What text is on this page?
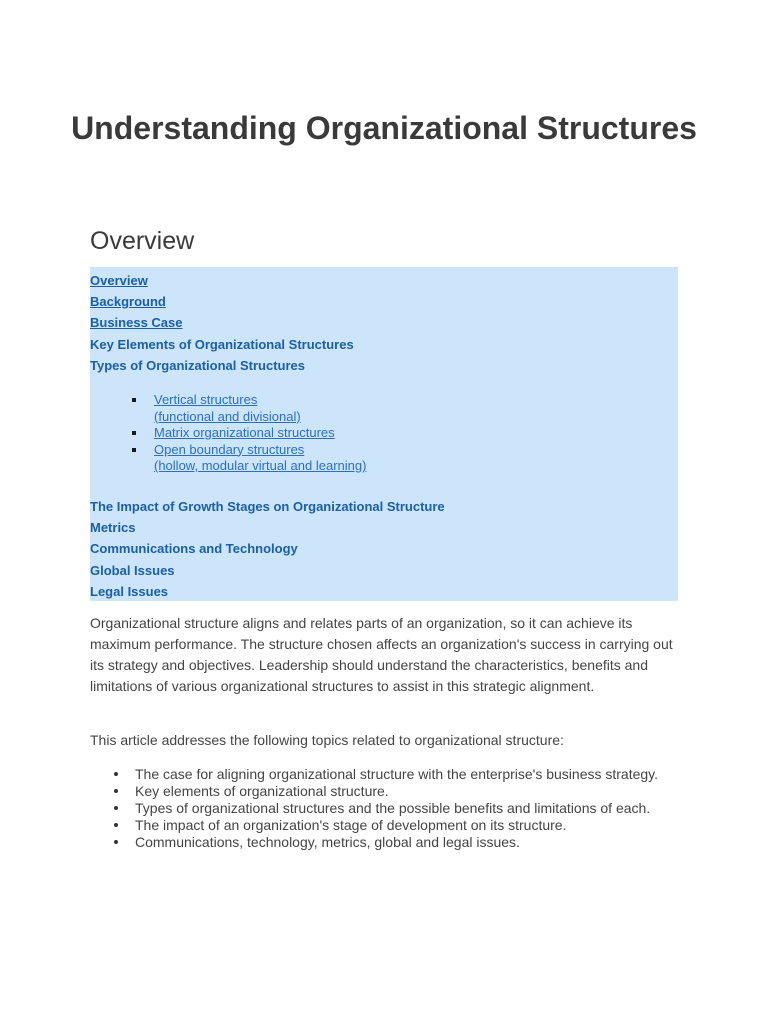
Understanding Organizational Structures
Overview
Overview
Background
Business Case
Key Elements of Organizational Structures
Types of Organizational Structures
Vertical structures
(functional and divisional)
Matrix organizational structures
Open boundary structures
(hollow, modular virtual and learning)
The Impact of Growth Stages on Organizational Structure
Metrics
Communications and Technology
Global Issues
Legal Issues

Organizational structure aligns and relates parts of an organization, so it can achieve its maximum performance. The structure chosen affects an organization's success in carrying out its strategy and objectives. Leadership should understand the characteristics, benefits and limitations of various organizational structures to assist in this strategic alignment.

This article addresses the following topics related to organizational structure:

The case for aligning organizational structure with the enterprise's business strategy.
Key elements of organizational structure.
Types of organizational structures and the possible benefits and limitations of each.
The impact of an organization's stage of development on its structure.
Communications, technology, metrics, global and legal issues.
